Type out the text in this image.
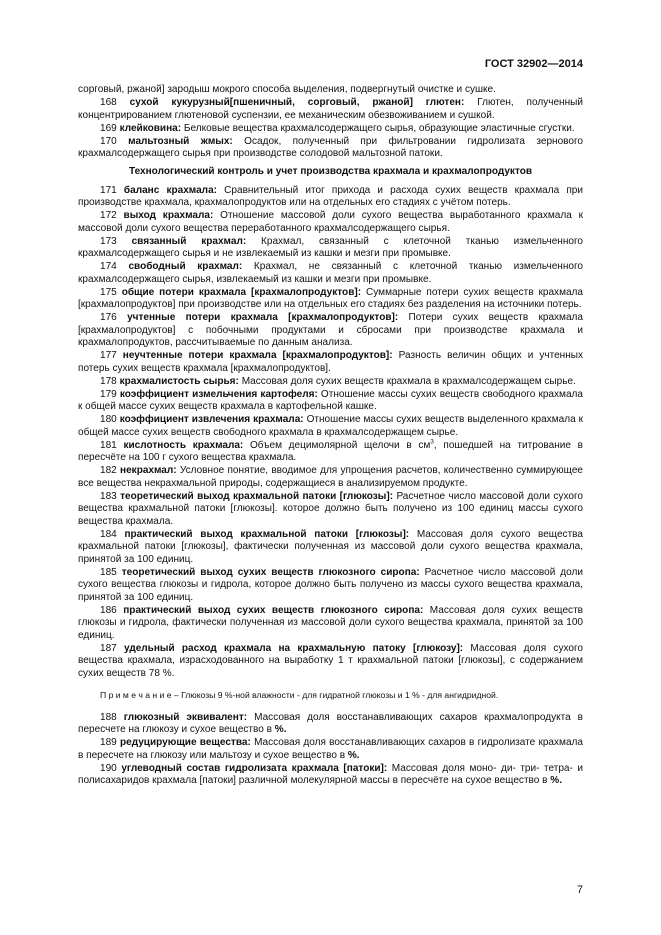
ГОСТ 32902—2014

сорговый, ржаной] зародыш мокрого способа выделения, подвергнутый очистке и сушке.

168 сухой кукурузный[пшеничный, сорговый, ржаной] глютен: Глютен, полученный концентрированием глютеновой суспензии, ее механическим обезвоживанием и сушкой.

169 клейковина: Белковые вещества крахмалсодержащего сырья, образующие эластичные сгустки.

170 мальтозный жмых: Осадок, полученный при фильтровании гидролизата зернового крахмалсодержащего сырья при производстве солодовой мальтозной патоки.

Технологический контроль и учет производства крахмала и крахмалопродуктов

171 баланс крахмала: Сравнительный итог прихода и расхода сухих веществ крахмала при производстве крахмала, крахмалопродуктов или на отдельных его стадиях с учётом потерь.

172 выход крахмала: Отношение массовой доли сухого вещества выработанного крахмала к массовой доли сухого вещества переработанного крахмалсодержащего сырья.

173 связанный крахмал: Крахмал, связанный с клеточной тканью измельченного крахмалсодержащего сырья и не извлекаемый из кашки и мезги при промывке.

174 свободный крахмал: Крахмал, не связанный с клеточной тканью измельченного крахмалсодержащего сырья, извлекаемый из кашки и мезги при промывке.

175 общие потери крахмала [крахмалопродуктов]: Суммарные потери сухих веществ крахмала [крахмалопродуктов] при производстве или на отдельных его стадиях без разделения на источники потерь.

176 учтенные потери крахмала [крахмалопродуктов]: Потери сухих веществ крахмала [крахмалопродуктов] с побочными продуктами и сбросами при производстве крахмала и крахмалопродуктов, рассчитываемые по данным анализа.

177 неучтенные потери крахмала [крахмалопродуктов]: Разность величин общих и учтенных потерь сухих веществ крахмала [крахмалопродуктов].

178 крахмалистость сырья: Массовая доля сухих веществ крахмала в крахмалсодержащем сырье.

179 коэффициент измельчения картофеля: Отношение массы сухих веществ свободного крахмала к общей массе сухих веществ крахмала в картофельной кашке.

180 коэффициент извлечения крахмала: Отношение массы сухих веществ выделенного крахмала к общей массе сухих веществ свободного крахмала в крахмалсодержащем сырье.

181 кислотность крахмала: Объем децимолярной щелочи в $см^3$, пошедшей на титрование в пересчёте на 100 г сухого вещества крахмала.

182 некрахмал: Условное понятие, вводимое для упрощения расчетов, количественно суммирующее все вещества некрахмальной природы, содержащиеся в анализируемом продукте.

183 теоретический выход крахмальной патоки [глюкозы]: Расчетное число массовой доли сухого вещества крахмальной патоки [глюкозы]. которое должно быть получено из 100 единиц массы сухого вещества крахмала.

184 практический выход крахмальной патоки [глюкозы]: Массовая доля сухого вещества крахмальной патоки [глюкозы], фактически полученная из массовой доли сухого вещества крахмала, принятой за 100 единиц.

185 теоретический выход сухих веществ глюкозного сиропа: Расчетное число массовой доли сухого вещества глюкозы и гидрола, которое должно быть получено из массы сухого вещества крахмала, принятой за 100 единиц.

186 практический выход сухих веществ глюкозного сиропа: Массовая доля сухих веществ глюкозы и гидрола, фактически полученная из массовой доли сухого вещества крахмала, принятой за 100 единиц.

187 удельный расход крахмала на крахмальную патоку [глюкозу]: Массовая доля сухого вещества крахмала, израсходованного на выработку 1 т крахмальной патоки [глюкозы], с содержанием сухих веществ 78 %.

П р и м е ч а н и е – Глюкозы 9 %-ной влажности - для гидратной глюкозы и 1 % - для ангидридной.

188 глюкозный эквивалент: Массовая доля восстанавливающих сахаров крахмалопродукта в пересчете на глюкозу и сухое вещество в %.

189 редуцирующие вещества: Массовая доля восстанавливающих сахаров в гидролизате крахмала в пересчете на глюкозу или мальтозу и сухое вещество в %.

190 углеводный состав гидролизата крахмала [патоки]: Массовая доля моно- ди- три- тетра- и полисахаридов крахмала [патоки] различной молекулярной массы в пересчёте на сухое вещество в %.

7
